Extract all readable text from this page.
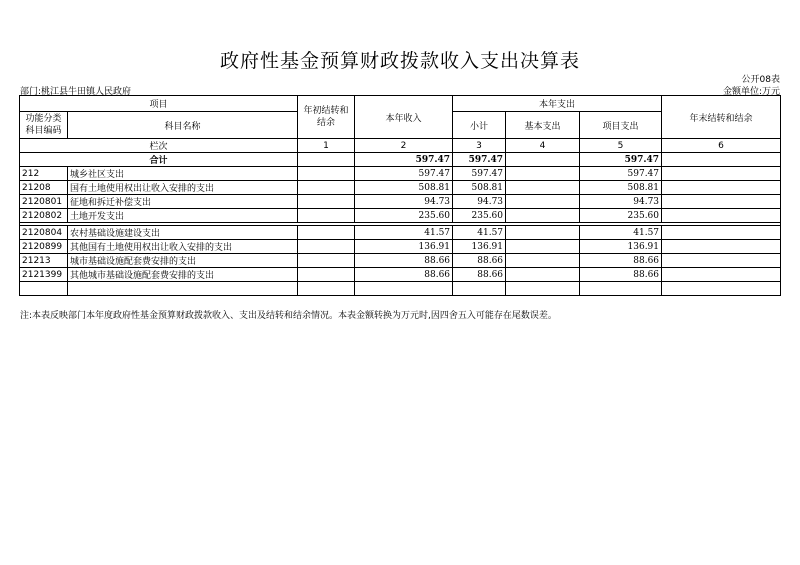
政府性基金预算财政拨款收入支出决算表
公开08表
部门:桃江县牛田镇人民政府	金额单位:万元
项目		年初结转和结余	本年收入	本年支出			年末结转和结余
功能分类科目编码	科目名称			小计	基本支出	项目支出	
栏次		1	2	3	4	5	6
合计			597.47	597.47		597.47	
212	城乡社区支出		597.47	597.47		597.47	
21208	国有土地使用权出让收入安排的支出		508.81	508.81		508.81	
2120801	征地和拆迁补偿支出		94.73	94.73		94.73	
2120802	土地开发支出		235.60	235.60		235.60	

2120804	农村基础设施建设支出		41.57	41.57		41.57	
2120899	其他国有土地使用权出让收入安排的支出		136.91	136.91		136.91	
21213	城市基础设施配套费安排的支出		88.66	88.66		88.66	
2121399	其他城市基础设施配套费安排的支出		88.66	88.66		88.66	

注:本表反映部门本年度政府性基金预算财政拨款收入、支出及结转和结余情况。本表金额转换为万元时,因四舍五入可能存在尾数误差。
